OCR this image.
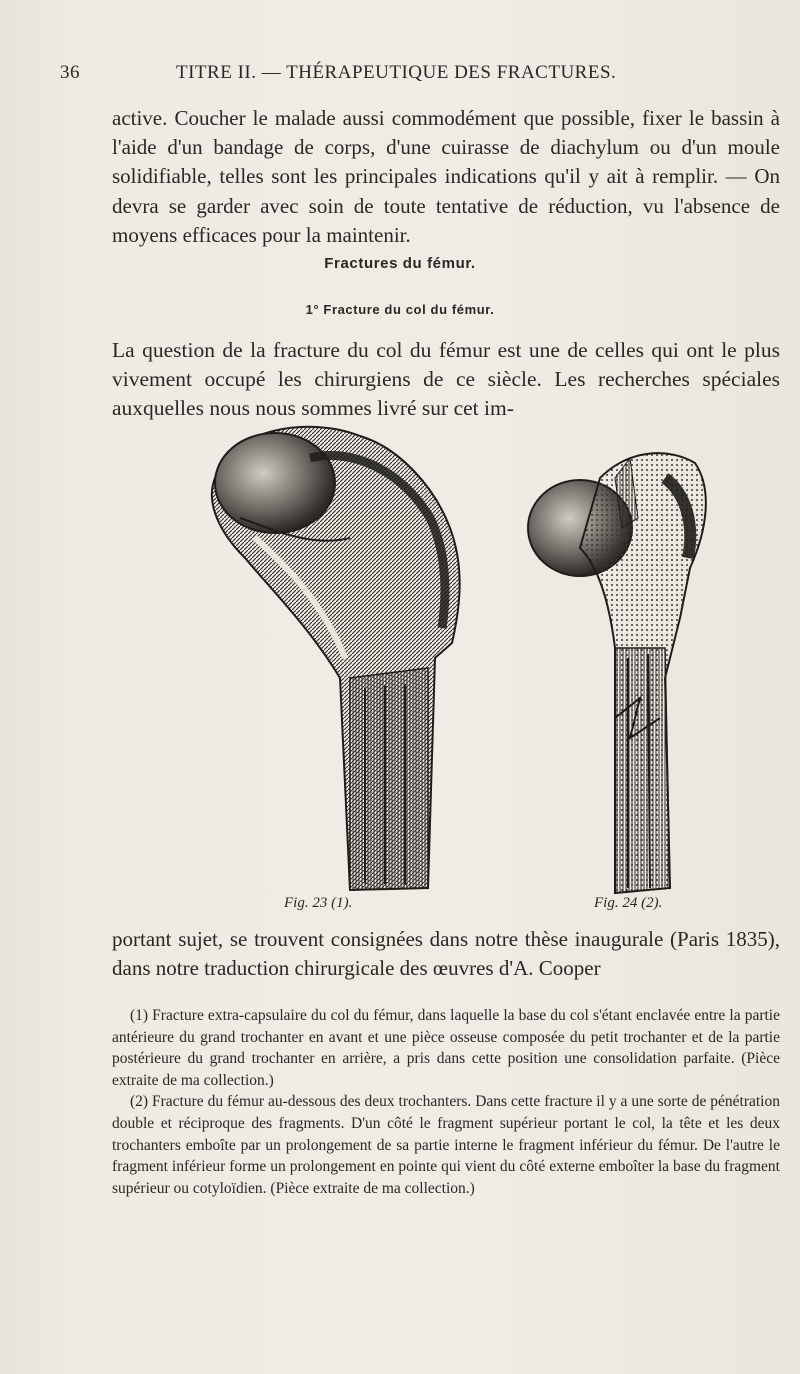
36	TITRE II. — THÉRAPEUTIQUE DES FRACTURES.

active. Coucher le malade aussi commodément que possible, fixer le bassin à l'aide d'un bandage de corps, d'une cuirasse de diachylum ou d'un moule solidifiable, telles sont les principales indications qu'il y ait à remplir. — On devra se garder avec soin de toute tentative de réduction, vu l'absence de moyens efficaces pour la maintenir.

Fractures du fémur.
1° Fracture du col du fémur.

La question de la fracture du col du fémur est une de celles qui ont le plus vivement occupé les chirurgiens de ce siècle. Les recherches spéciales auxquelles nous nous sommes livré sur cet im-

Fig. 23 (1).	Fig. 24 (2).

portant sujet, se trouvent consignées dans notre thèse inaugurale (Paris 1835), dans notre traduction chirurgicale des œuvres d'A. Cooper

(1) Fracture extra-capsulaire du col du fémur, dans laquelle la base du col s'étant enclavée entre la partie antérieure du grand trochanter en avant et une pièce osseuse composée du petit trochanter et de la partie postérieure du grand trochanter en arrière, a pris dans cette position une consolidation parfaite. (Pièce extraite de ma collection.)

(2) Fracture du fémur au-dessous des deux trochanters. Dans cette fracture il y a une sorte de pénétration double et réciproque des fragments. D'un côté le fragment supérieur portant le col, la tête et les deux trochanters emboîte par un prolongement de sa partie interne le fragment inférieur du fémur. De l'autre le fragment inférieur forme un prolongement en pointe qui vient du côté externe emboîter la base du fragment supérieur ou cotyloïdien. (Pièce extraite de ma collection.)
